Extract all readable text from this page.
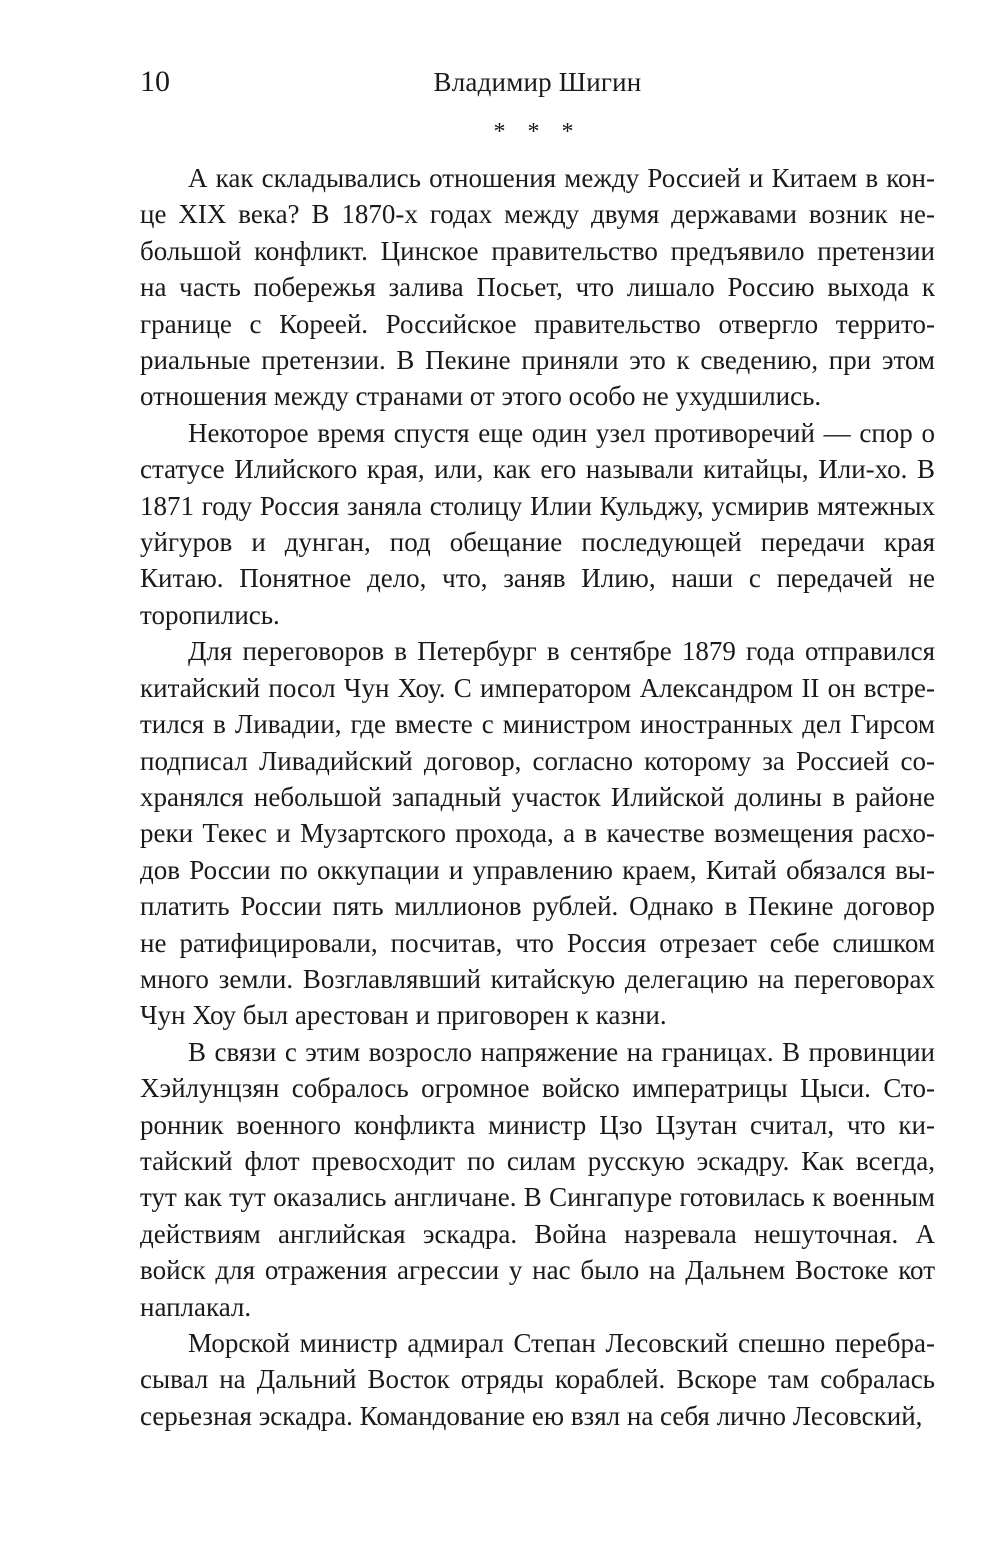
10	Владимир Шигин
* * *

А как складывались отношения между Россией и Китаем в конце XIX века? В 1870-х годах между двумя державами возник небольшой конфликт. Цинское правительство предъявило претензии на часть побережья залива Посьет, что лишало Россию выхода к границе с Кореей. Российское правительство отвергло территориальные претензии. В Пекине приняли это к сведению, при этом отношения между странами от этого особо не ухудшились.

Некоторое время спустя еще один узел противоречий — спор о статусе Илийского края, или, как его называли китайцы, Или-хо. В 1871 году Россия заняла столицу Илии Кульджу, усмирив мятежных уйгуров и дунган, под обещание последующей передачи края Китаю. Понятное дело, что, заняв Илию, наши с передачей не торопились.

Для переговоров в Петербург в сентябре 1879 года отправился китайский посол Чун Хоу. С императором Александром II он встретился в Ливадии, где вместе с министром иностранных дел Гирсом подписал Ливадийский договор, согласно которому за Россией сохранялся небольшой западный участок Илийской долины в районе реки Текес и Музартского прохода, а в качестве возмещения расходов России по оккупации и управлению краем, Китай обязался выплатить России пять миллионов рублей. Однако в Пекине договор не ратифицировали, посчитав, что Россия отрезает себе слишком много земли. Возглавлявший китайскую делегацию на переговорах Чун Хоу был арестован и приговорен к казни.

В связи с этим возросло напряжение на границах. В провинции Хэйлунцзян собралось огромное войско императрицы Цыси. Сторонник военного конфликта министр Цзо Цзутан считал, что китайский флот превосходит по силам русскую эскадру. Как всегда, тут как тут оказались англичане. В Сингапуре готовилась к военным действиям английская эскадра. Война назревала нешуточная. А войск для отражения агрессии у нас было на Дальнем Востоке кот наплакал.

Морской министр адмирал Степан Лесовский спешно перебрасывал на Дальний Восток отряды кораблей. Вскоре там собралась серьезная эскадра. Командование ею взял на себя лично Лесовский,
